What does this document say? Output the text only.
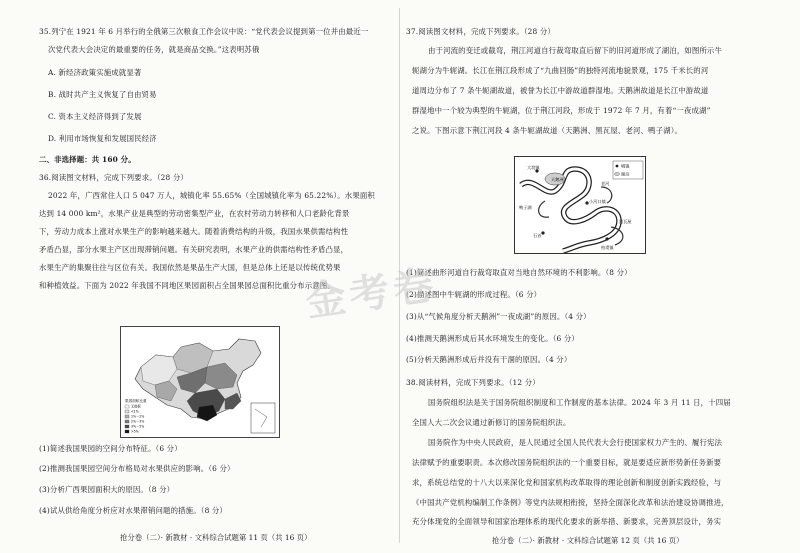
35.列宁在 1921 年 6 月举行的全俄第三次粮食工作会议中说：“党代表会议提到第一位并由最近一
次党代表大会决定的最重要的任务，就是商品交换。”这表明苏俄
A. 新经济政策实施成就显著
B. 战时共产主义恢复了自由贸易
C. 资本主义经济得到了发展
D. 利用市场恢复和发展国民经济
二、非选择题：共 160 分。
36.阅读图文材料，完成下列要求。（28 分）
2022 年，广西常住人口 5 047 万人，城镇化率 55.65%（全国城镇化率为 65.22%）。水果面积
达到 14 000 km²，水果产业是典型的劳动密集型产业，在农村劳动力转移和人口老龄化背景
下，劳动力成本上涨对水果生产的影响越来越大。随着消费结构的升级，我国水果供需结构性
矛盾凸显，部分水果主产区出现滞销问题。有关研究表明，水果产业的供需结构性矛盾凸显，
水果生产的集聚往往与区位有关。我国依然是果品生产大国，但是总体上还是以传统优势果
和种植效益。下面为 2022 年我国不同地区果园面积占全国果园总面积比重分布示意图。
果园面积比重
无数据
<1%
1%～2%
2%～3%
3%～5%
>5%
(1)简述我国果园的空间分布特征。（6 分）
(2)推测我国果园空间分布格局对水果供应的影响。（6 分）
(3)分析广西果园面积大的原因。（8 分）
(4)试从供给角度分析应对水果滞销问题的措施。（8 分）
抢分卷（二）· 新教材 · 文科综合试题第 11 页（共 16 页）
37.阅读图文材料，完成下列要求。（28 分）
由于河流的变迁或截弯，荆江河道自行裁弯取直后留下的旧河道形成了湖泊，如图所示牛
轭湖分为牛轭湖。长江在荆江段形成了“九曲回肠”的独特河流地貌景观，175 千米长的河
道周边分布了 7 条牛轭湖故道，被誉为长江中游故道群湿地。天鹅洲故道是长江中游故道
群湿地中一个较为典型的牛轭湖，位于荆江河段，形成于 1972 年 7 月，有着“一夜成湖”
之说。下图示意下荆江河段 4 条牛轭湖故道（天鹅洲、黑瓦屋、老河、鸭子湖）。
城镇
湖泊
大垸镇
天鹅洲
老河
小河口镇
鸭子湖
石首
黑瓦屋
柏堤镇
(1)简述曲形河道自行裁弯取直对当地自然环境的不利影响。（8 分）
(2)描述图中牛轭湖的形成过程。（6 分）
(3)从“气候角度分析天鹅洲”一夜成湖”的原因。（4 分）
(4)推测天鹅洲形成后其水环境发生的变化。（6 分）
(5)分析天鹅洲形成后并没有干涸的原因。（4 分）
38.阅读材料，完成下列要求。（12 分）
国务院组织法是关于国务院组织制度和工作制度的基本法律。2024 年 3 月 11 日，十四届
全国人大二次会议通过新修订的国务院组织法。
国务院作为中央人民政府，是人民通过全国人民代表大会行使国家权力产生的、履行宪法
法律赋予的重要职责。本次修改国务院组织法的一个重要目标，就是要适应新形势新任务新要
求，系统总结党的十八大以来深化党和国家机构改革取得的理论创新和制度创新实践经验，与
《中国共产党机构编制工作条例》等党内法规相衔接，坚持全面深化改革和法治建设协调推进，
充分体现党的全面领导和国家治理体系的现代化要求的新举措、新要求，完善顶层设计，务实
抢分卷（二）· 新教材 · 文科综合试题第 12 页（共 16 页）
金考卷
